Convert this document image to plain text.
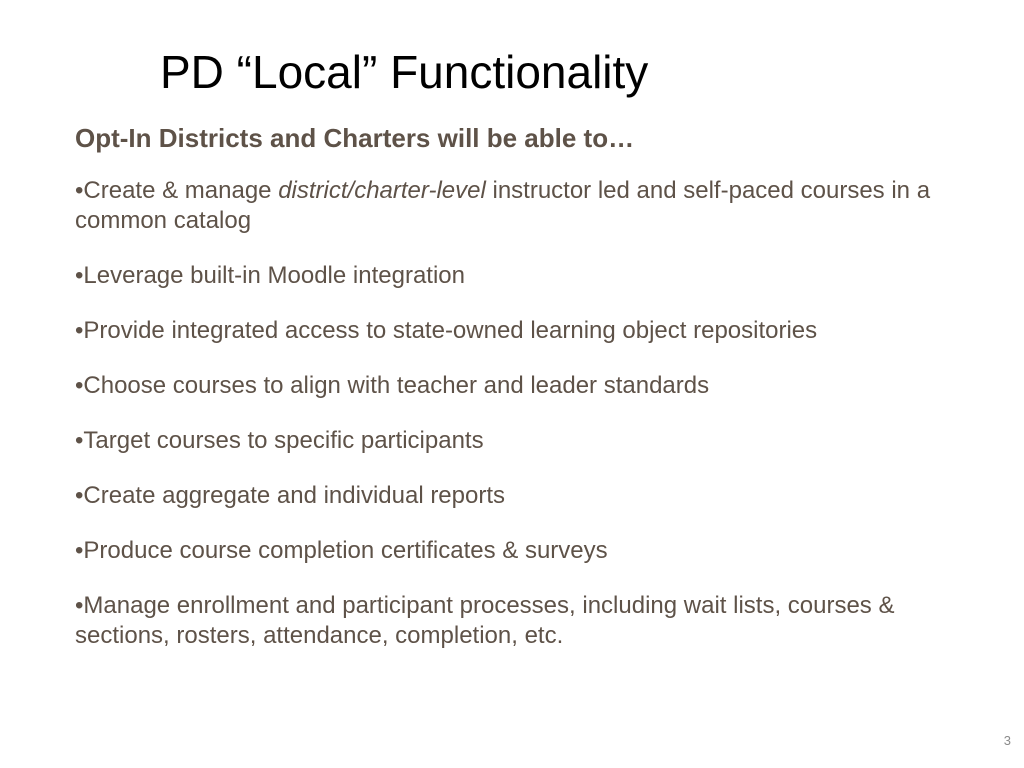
PD “Local” Functionality
Opt-In Districts and Charters will be able to…
•Create & manage district/charter-level instructor led and self-paced courses in a common catalog
•Leverage built-in Moodle integration
•Provide integrated access to state-owned learning object repositories
•Choose courses to align with teacher and leader standards
•Target courses to specific participants
•Create aggregate and individual reports
•Produce course completion certificates & surveys
•Manage enrollment and participant processes, including wait lists, courses & sections, rosters, attendance, completion, etc.
3
